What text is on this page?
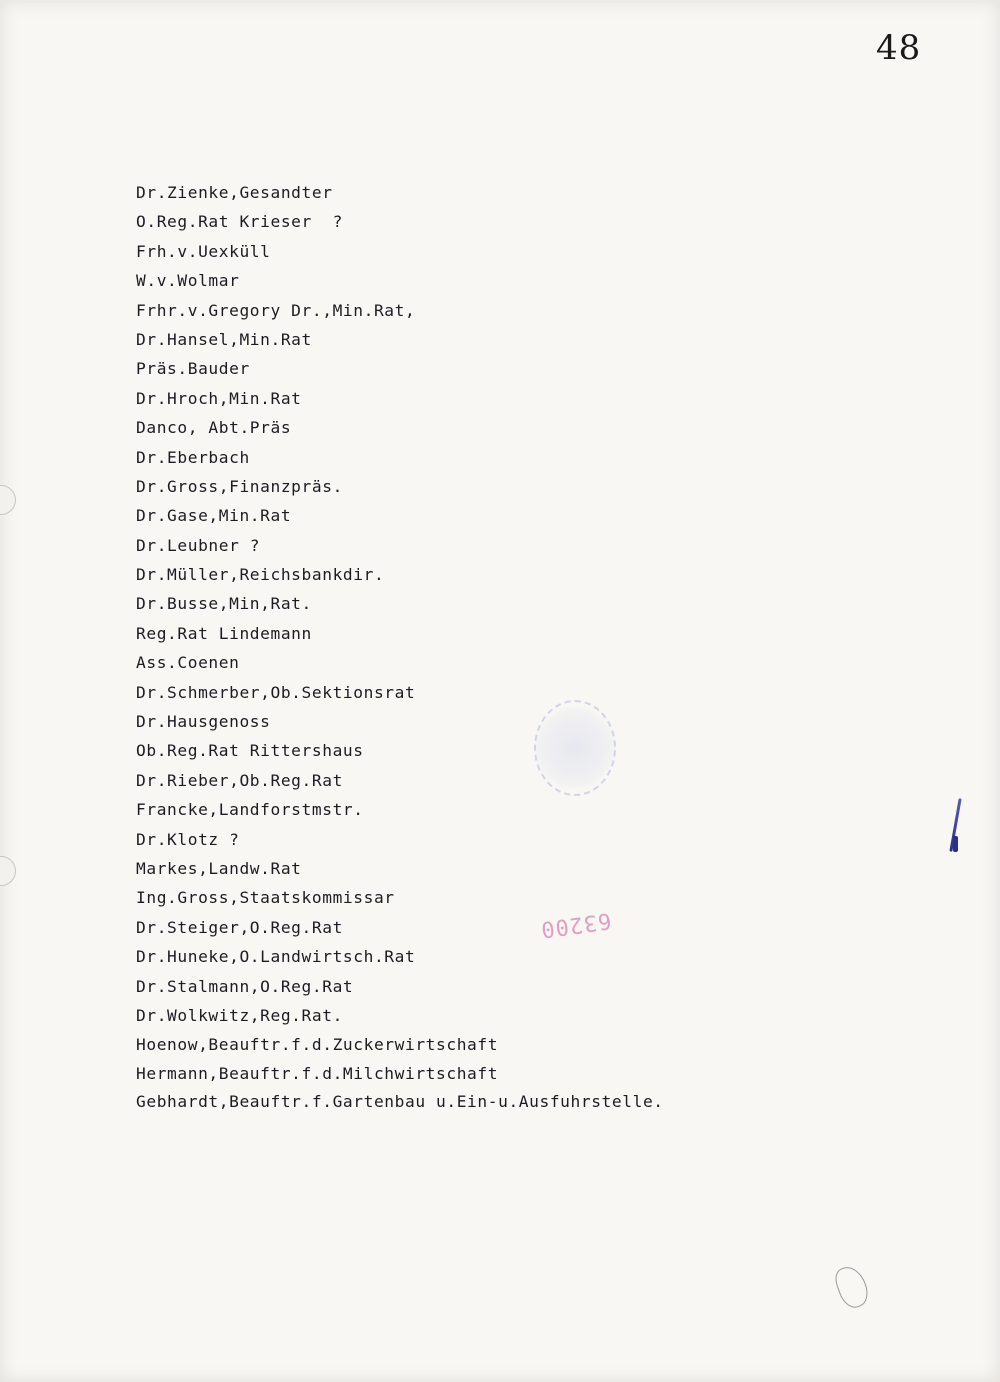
48
Dr.Zienke,Gesandter
O.Reg.Rat Krieser  ?
Frh.v.Uexküll
W.v.Wolmar
Frhr.v.Gregory Dr.,Min.Rat,
Dr.Hansel,Min.Rat
Präs.Bauder
Dr.Hroch,Min.Rat
Danco, Abt.Präs
Dr.Eberbach
Dr.Gross,Finanzpräs.
Dr.Gase,Min.Rat
Dr.Leubner ?
Dr.Müller,Reichsbankdir.
Dr.Busse,Min,Rat.
Reg.Rat Lindemann
Ass.Coenen
Dr.Schmerber,Ob.Sektionsrat
Dr.Hausgenoss
Ob.Reg.Rat Rittershaus
Dr.Rieber,Ob.Reg.Rat
Francke,Landforstmstr.
Dr.Klotz ?
Markes,Landw.Rat
Ing.Gross,Staatskommissar
Dr.Steiger,O.Reg.Rat
Dr.Huneke,O.Landwirtsch.Rat
Dr.Stalmann,O.Reg.Rat
Dr.Wolkwitz,Reg.Rat.
Hoenow,Beauftr.f.d.Zuckerwirtschaft
Hermann,Beauftr.f.d.Milchwirtschaft
Gebhardt,Beauftr.f.Gartenbau u.Ein-u.Ausfuhrstelle.
63200
